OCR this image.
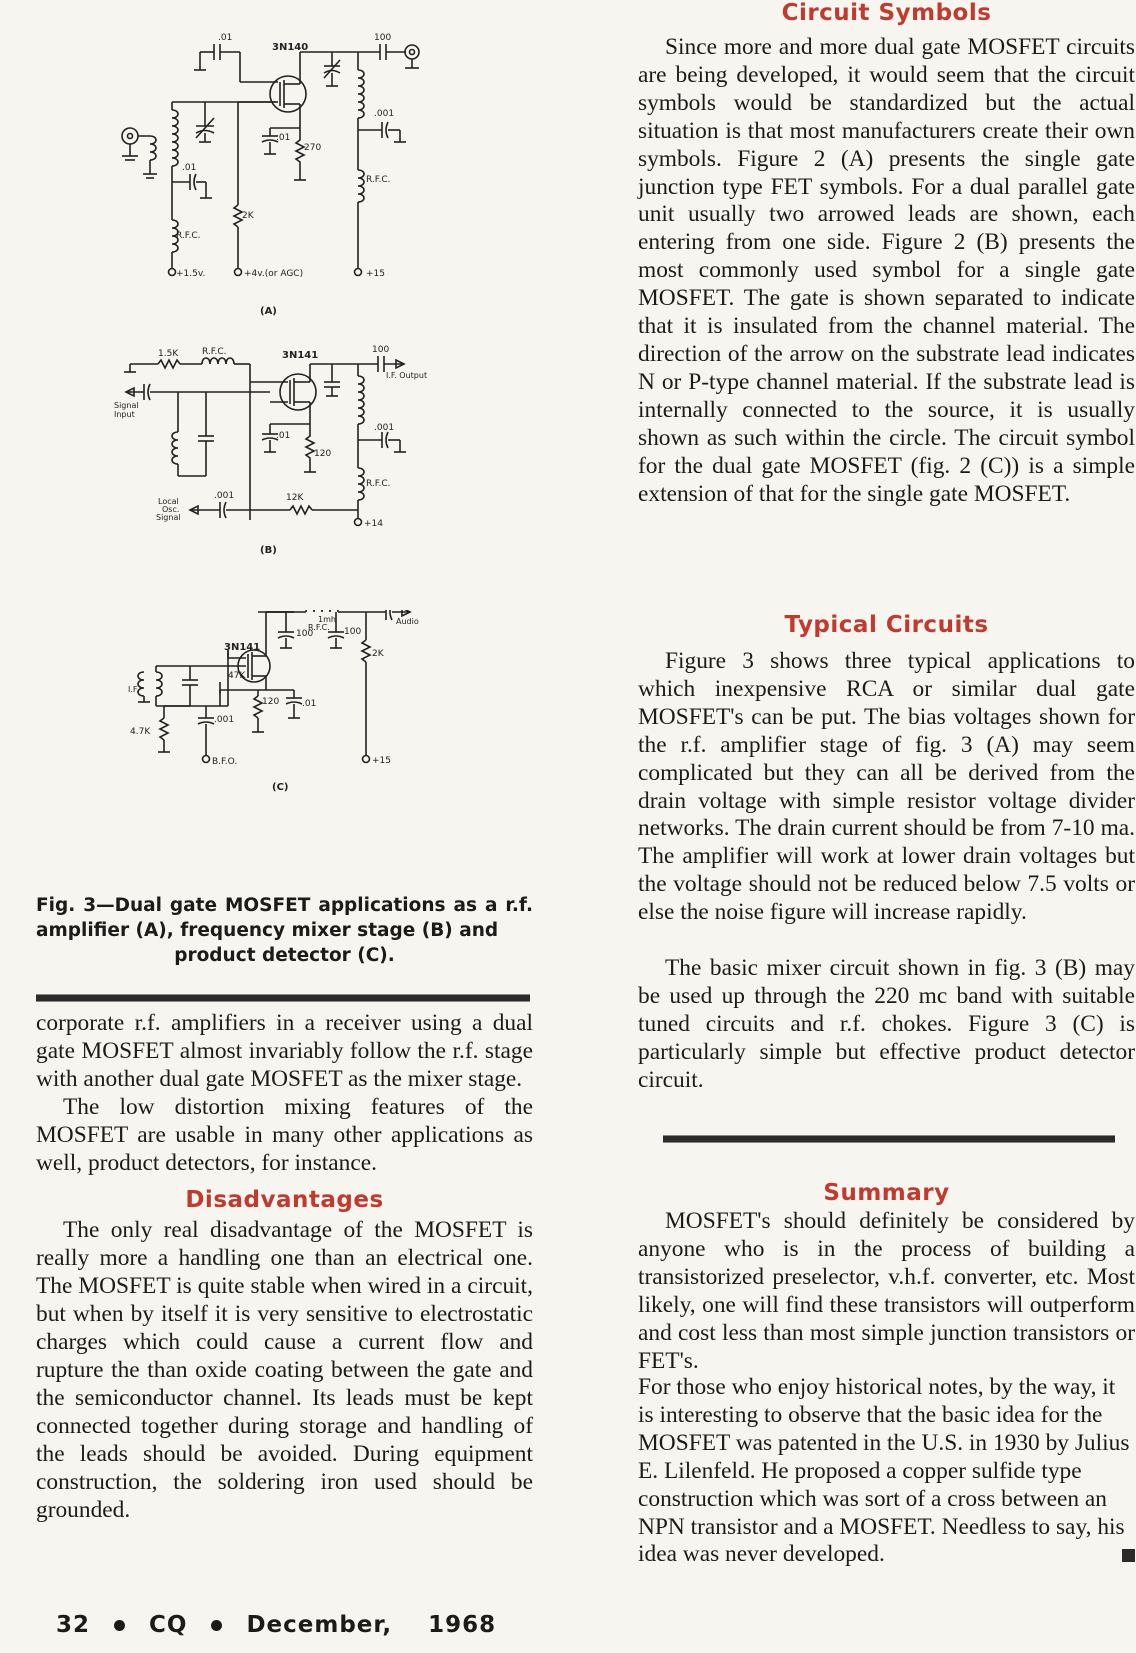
.01
R.F.C.
+1.5v.
.01
3N140
100
.001
R.F.C.
+15
.01
270
2K
+4v.(or AGC)
(A)
1.5K	R.F.C.
Signal
Input
3N141	100
I.F. Output
.001
R.F.C.
+14
.01
120
Local
Osc.
Signal
.001	12K
(B)
1mh
R.F.C.
3N141
I.F.
Audio
100	100
2K
+15
47K
4.7K
.001
B.F.O.
120	.01
(C)
Fig. 3—Dual gate MOSFET applications as a r.f. amplifier (A), frequency mixer stage (B) and
product detector (C).

corporate r.f. amplifiers in a receiver using a dual gate MOSFET almost invariably follow the r.f. stage with another dual gate MOSFET as the mixer stage.

The low distortion mixing features of the MOSFET are usable in many other applications as well, product detectors, for instance.

Disadvantages

The only real disadvantage of the MOSFET is really more a handling one than an electrical one. The MOSFET is quite stable when wired in a circuit, but when by itself it is very sensitive to electrostatic charges which could cause a current flow and rupture the than oxide coating between the gate and the semiconductor channel. Its leads must be kept connected together during storage and handling of the leads should be avoided. During equipment construction, the soldering iron used should be grounded.

Circuit Symbols

Since more and more dual gate MOSFET circuits are being developed, it would seem that the circuit symbols would be standardized but the actual situation is that most manufacturers create their own symbols. Figure 2 (A) presents the single gate junction type FET symbols. For a dual parallel gate unit usually two arrowed leads are shown, each entering from one side. Figure 2 (B) presents the most commonly used symbol for a single gate MOSFET. The gate is shown separated to indicate that it is insulated from the channel material. The direction of the arrow on the substrate lead indicates N or P-type channel material. If the substrate lead is internally connected to the source, it is usually shown as such within the circle. The circuit symbol for the dual gate MOSFET (fig. 2 (C)) is a simple extension of that for the single gate MOSFET.

Typical Circuits

Figure 3 shows three typical applications to which inexpensive RCA or similar dual gate MOSFET's can be put. The bias voltages shown for the r.f. amplifier stage of fig. 3 (A) may seem complicated but they can all be derived from the drain voltage with simple resistor voltage divider networks. The drain current should be from 7-10 ma. The amplifier will work at lower drain voltages but the voltage should not be reduced below 7.5 volts or else the noise figure will increase rapidly.

The basic mixer circuit shown in fig. 3 (B) may be used up through the 220 mc band with suitable tuned circuits and r.f. chokes. Figure 3 (C) is particularly simple but effective product detector circuit.

Summary

MOSFET's should definitely be considered by anyone who is in the process of building a transistorized preselector, v.h.f. converter, etc. Most likely, one will find these transistors will outperform and cost less than most simple junction transistors or FET's.

For those who enjoy historical notes, by the way, it is interesting to observe that the basic idea for the MOSFET was patented in the U.S. in 1930 by Julius E. Lilenfeld. He proposed a copper sulfide type construction which was sort of a cross between an NPN transistor and a MOSFET. Needless to say, his idea was never developed.

32	CQ	December, 1968
